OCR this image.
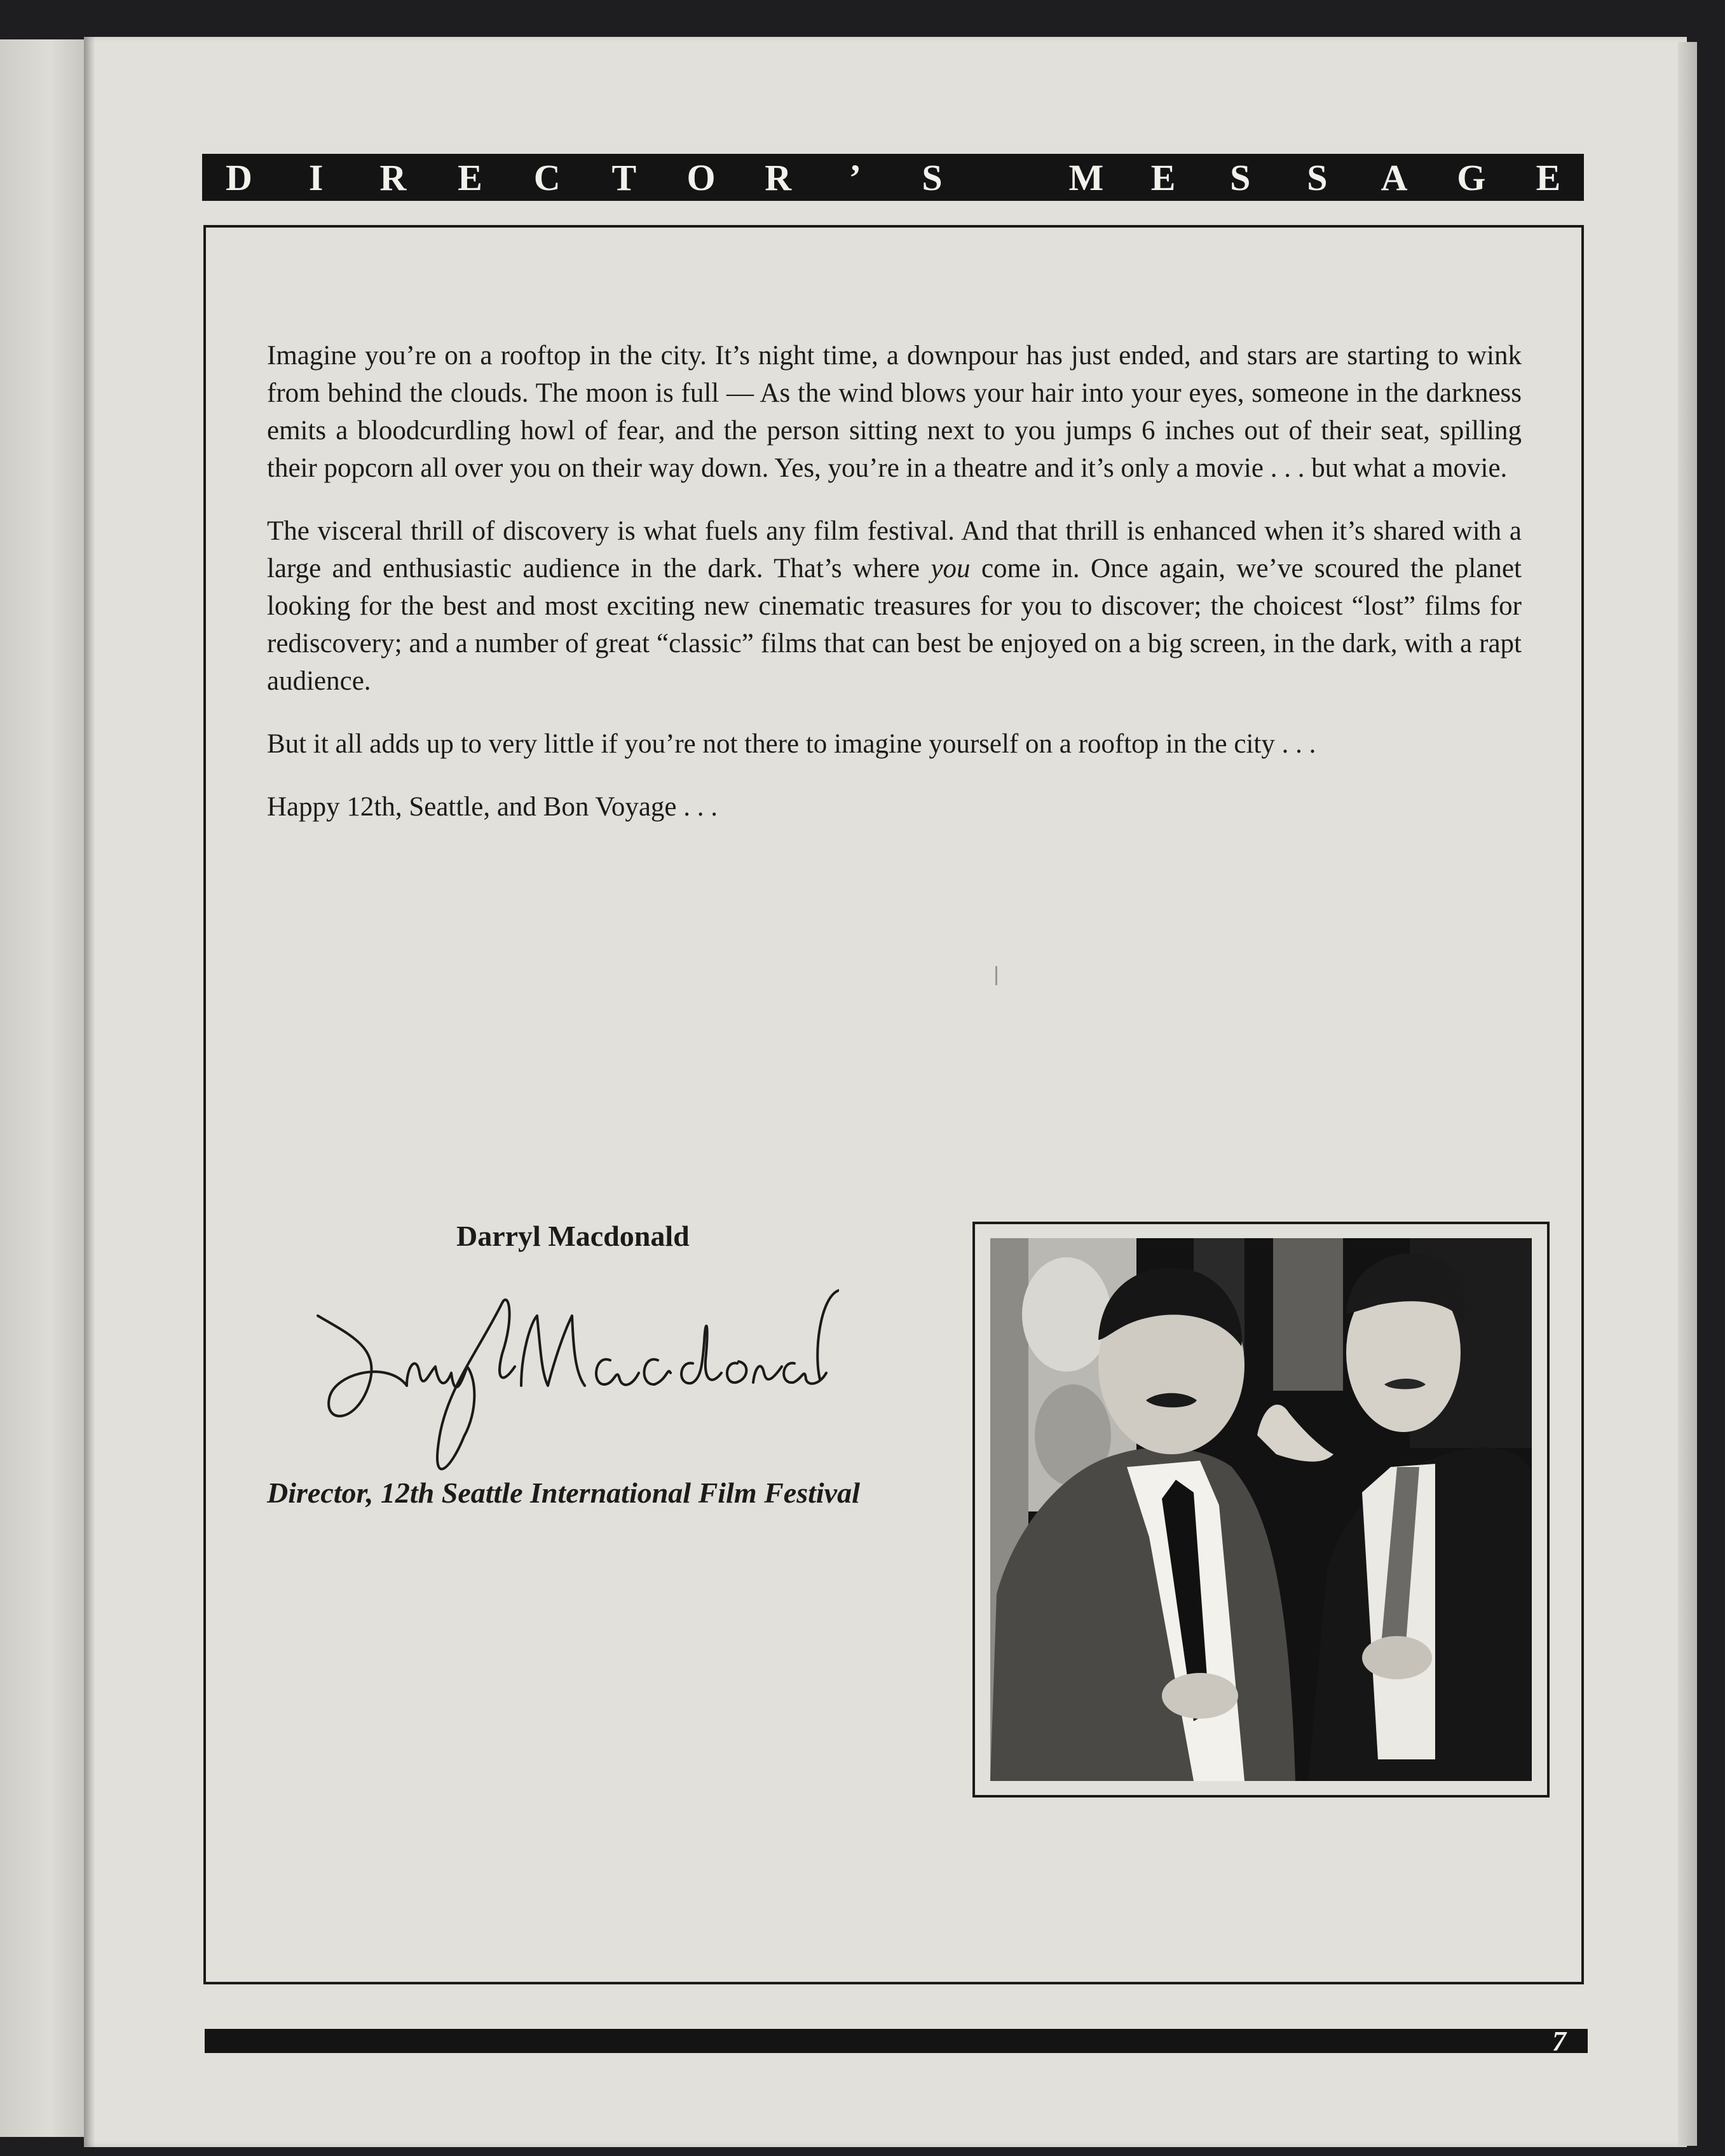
D	I	R E C T O R	’	S	M E S S A G E

Imagine you’re on a rooftop in the city. It’s night time, a downpour has just ended, and stars are starting to wink from behind the clouds. The moon is full — As the wind blows your hair into your eyes, someone in the darkness emits a bloodcurdling howl of fear, and the person sitting next to you jumps 6 inches out of their seat, spilling their popcorn all over you on their way down. Yes, you’re in a theatre and it’s only a movie . . . but what a movie.

The visceral thrill of discovery is what fuels any film festival. And that thrill is enhanced when it’s shared with a large and enthusiastic audience in the dark. That’s where you come in. Once again, we’ve scoured the planet looking for the best and most exciting new cinematic treasures for you to discover; the choicest “lost” films for rediscovery; and a number of great “classic” films that can best be enjoyed on a big screen, in the dark, with a rapt audience.

But it all adds up to very little if you’re not there to imagine yourself on a rooftop in the city . . .

Happy 12th, Seattle, and Bon Voyage . . .

Darryl Macdonald
Director, 12th Seattle International Film Festival
7
